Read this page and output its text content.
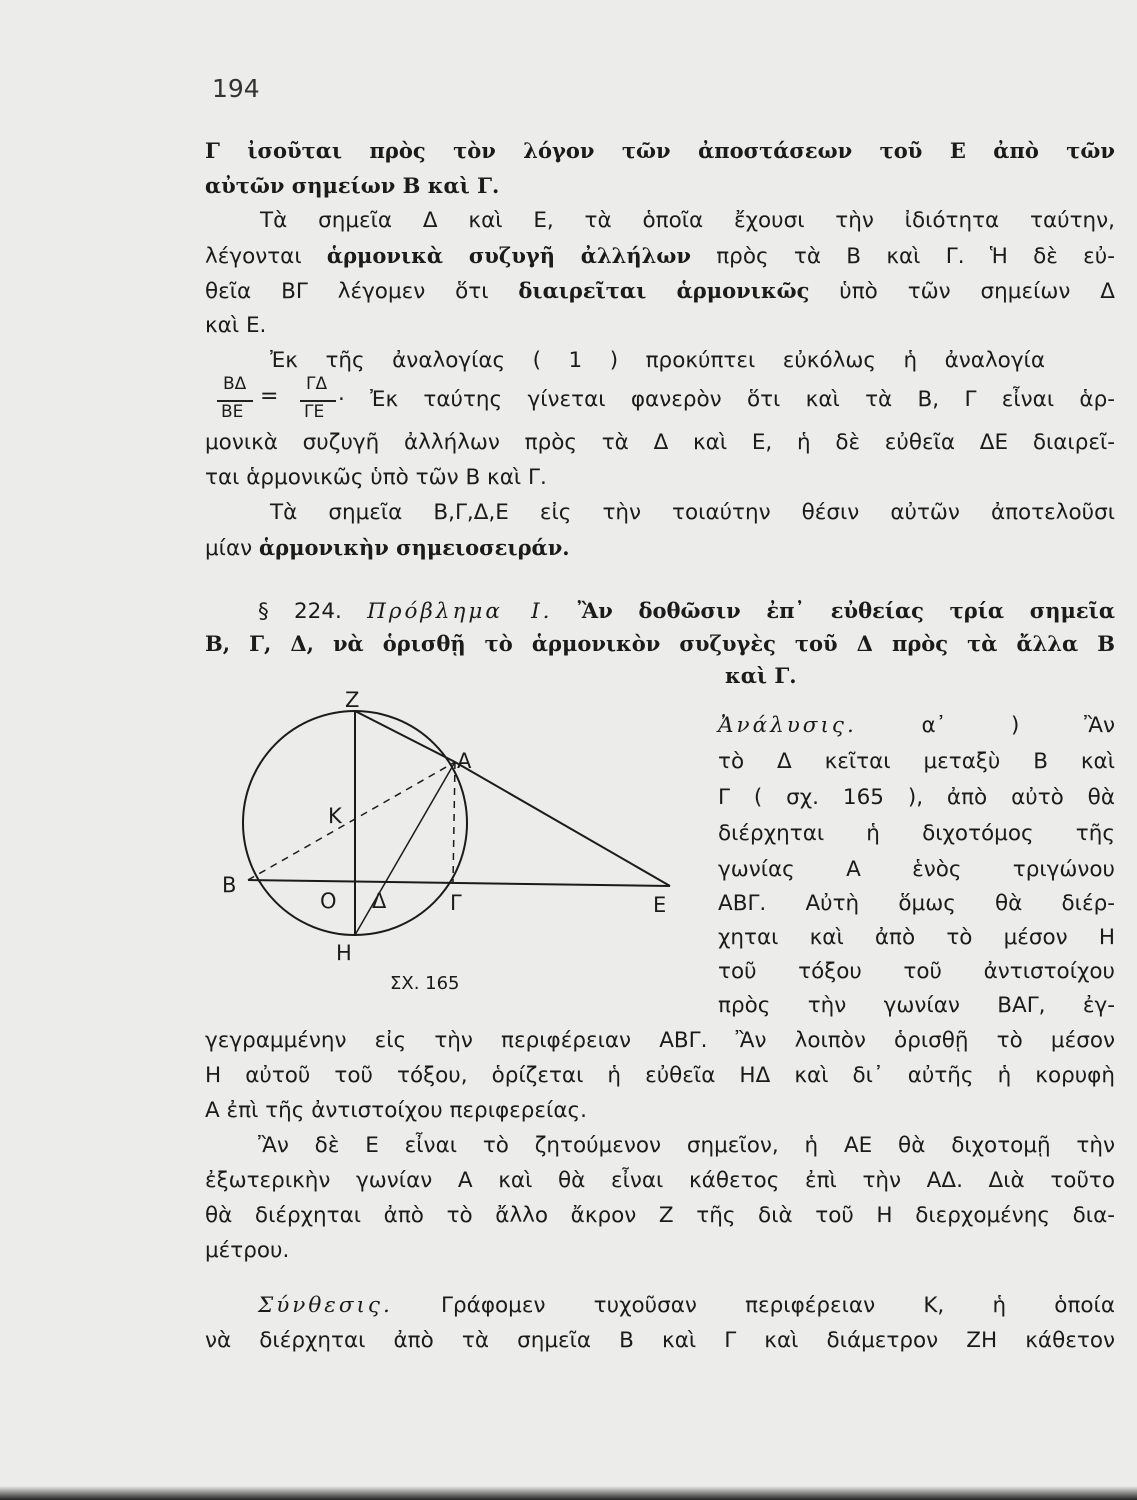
194
Γ ἰσοῦται πρὸς τὸν λόγον τῶν ἀποστάσεων τοῦ Ε ἀπὸ τῶν
αὐτῶν σημείων Β καὶ Γ.
Τὰ σημεῖα Δ καὶ Ε, τὰ ὁποῖα ἔχουσι τὴν ἰδιότητα ταύτην,
λέγονται ἁρμονικὰ συζυγῆ ἀλλήλων πρὸς τὰ Β καὶ Γ. Ἡ δὲ εὐ-
θεῖα ΒΓ λέγομεν ὅτι διαιρεῖται ἁρμονικῶς ὑπὸ τῶν σημείων Δ
καὶ Ε.
Ἐκ τῆς ἀναλογίας ( 1 ) προκύπτει εὐκόλως ἡ ἀναλογία
ΒΔ
ΒΕ
= ΓΔ
ΓΕ · Ἐκ ταύτης γίνεται φανερὸν ὅτι καὶ τὰ Β, Γ εἶναι ἁρ-
μονικὰ συζυγῆ ἀλλήλων πρὸς τὰ Δ καὶ Ε, ἡ δὲ εὐθεῖα ΔΕ διαιρεῖ-
ται ἁρμονικῶς ὑπὸ τῶν Β καὶ Γ.
Τὰ σημεῖα Β,Γ,Δ,Ε εἰς τὴν τοιαύτην θέσιν αὐτῶν ἀποτελοῦσι
μίαν ἁρμονικὴν σημειοσειράν.
§ 224. Πρόβλημα Ι. Ἂν δοθῶσιν ἐπ᾽ εὐθείας τρία σημεῖα
Β, Γ, Δ, νὰ ὁρισθῇ τὸ ἁρμονικὸν συζυγὲς τοῦ Δ πρὸς τὰ ἄλλα Β
καὶ Γ.
Ζ
Α
Κ
Β
Ο Δ	Γ	Ε
Η
ΣΧ. 165
Ἀνάλυσις.	α᾽ ) Ἂν
τὸ Δ κεῖται μεταξὺ Β καὶ
Γ ( σχ. 165 ), ἀπὸ αὐτὸ θὰ
διέρχηται ἡ διχοτόμος τῆς
γωνίας Α ἑνὸς τριγώνου
ΑΒΓ. Αὐτὴ ὅμως θὰ διέρ-
χηται καὶ ἀπὸ τὸ μέσον Η
τοῦ τόξου τοῦ ἀντιστοίχου
πρὸς τὴν γωνίαν ΒΑΓ, ἐγ-
γεγραμμένην εἰς τὴν περιφέρειαν ΑΒΓ. Ἂν λοιπὸν ὁρισθῇ τὸ μέσον
Η αὐτοῦ τοῦ τόξου, ὁρίζεται ἡ εὐθεῖα ΗΔ καὶ δι᾽ αὐτῆς ἡ κορυφὴ
Α ἐπὶ τῆς ἀντιστοίχου περιφερείας.
Ἂν δὲ Ε εἶναι τὸ ζητούμενον σημεῖον, ἡ ΑΕ θὰ διχοτομῇ τὴν
ἐξωτερικὴν γωνίαν Α καὶ θὰ εἶναι κάθετος ἐπὶ τὴν ΑΔ. Διὰ τοῦτο
θὰ διέρχηται ἀπὸ τὸ ἄλλο ἄκρον Ζ τῆς διὰ τοῦ Η διερχομένης δια-
μέτρου.
Σύνθεσις. Γράφομεν τυχοῦσαν περιφέρειαν Κ, ἡ ὁποία
νὰ διέρχηται ἀπὸ τὰ σημεῖα Β καὶ Γ καὶ διάμετρον ΖΗ κάθετον
